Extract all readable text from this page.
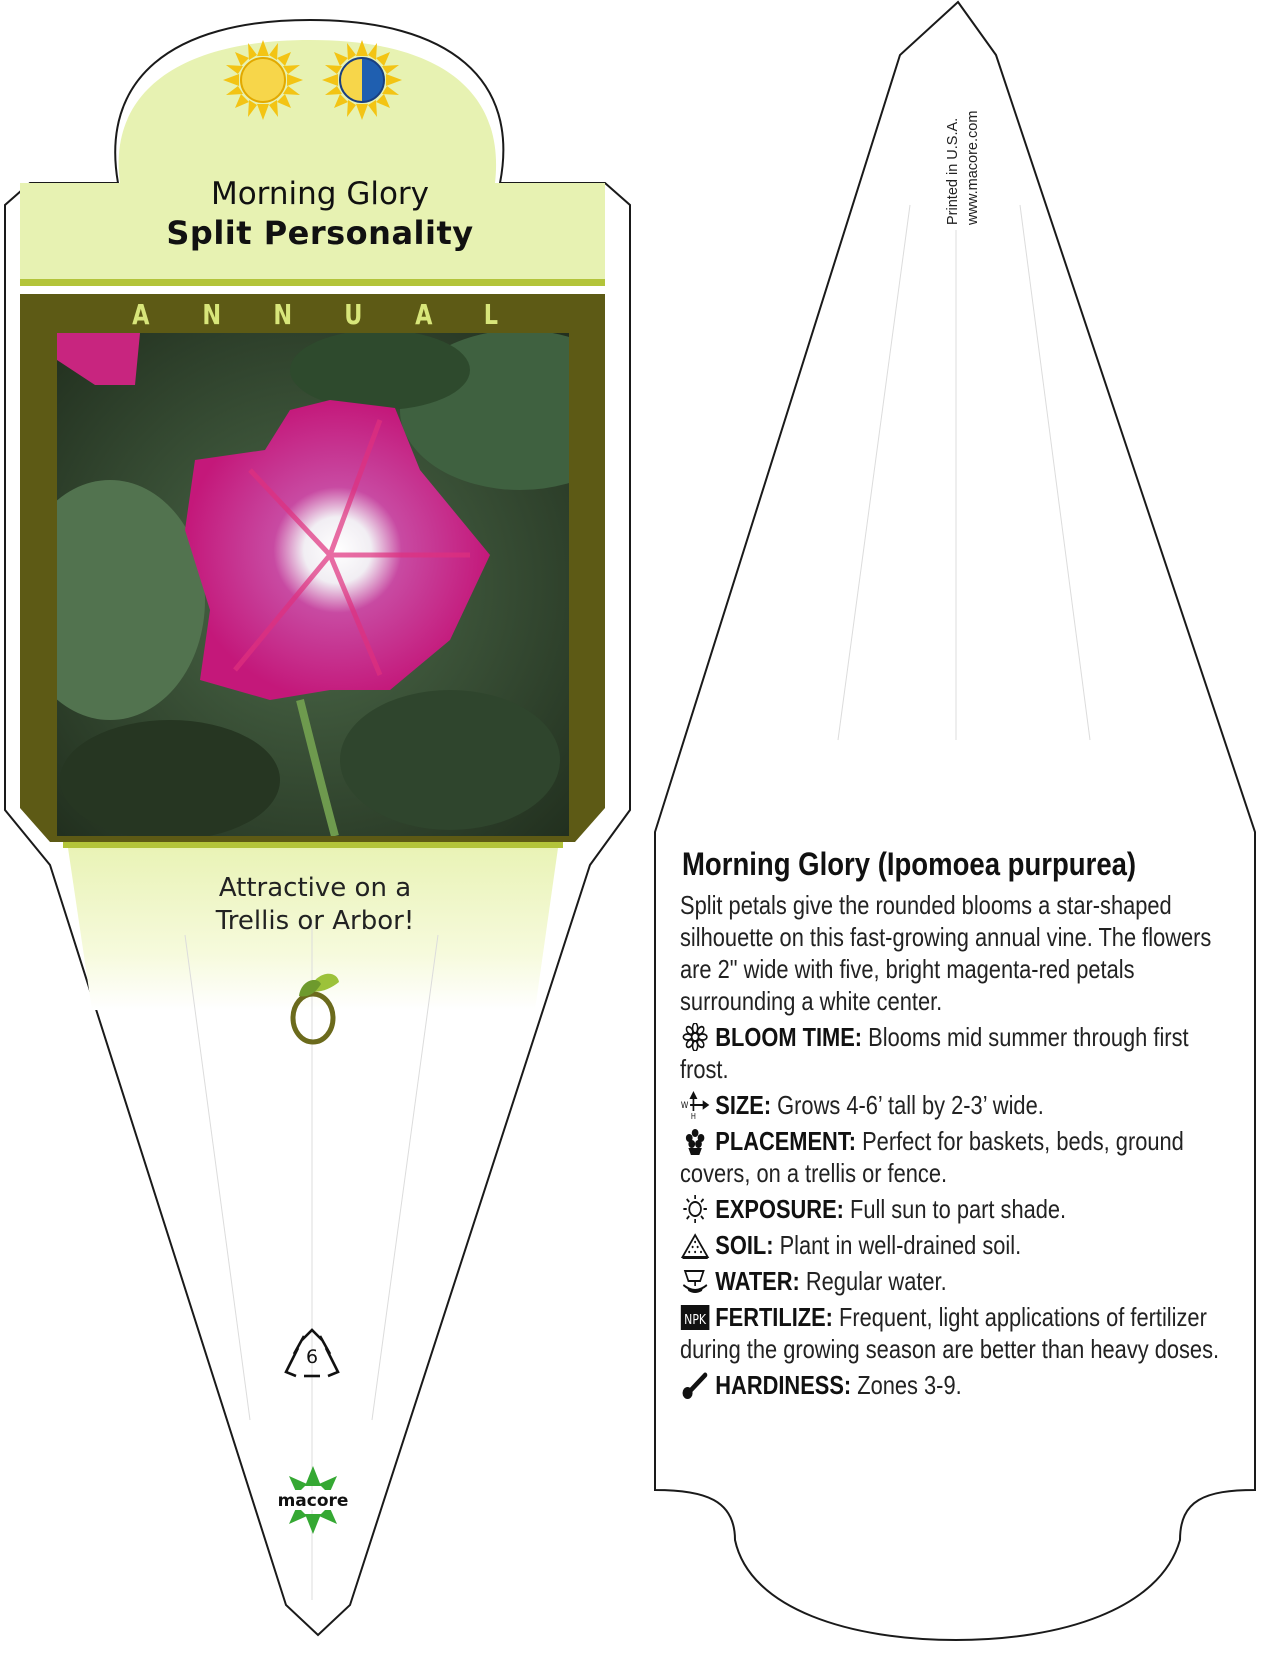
Morning Glory
Split Personality
A N N U A L
Attractive on a
Trellis or Arbor!
6
macore
Printed in U.S.A. www.macore.com
Morning Glory (Ipomoea purpurea)
Split petals give the rounded blooms a star-shaped silhouette on this fast-growing annual vine. The flowers are 2" wide with five, bright magenta-red petals surrounding a white center.
BLOOM TIME: Blooms mid summer through first frost.
W
H SIZE: Grows 4-6’ tall by 2-3’ wide.
PLACEMENT: Perfect for baskets, beds, ground covers, on a trellis or fence.
EXPOSURE: Full sun to part shade.
SOIL: Plant in well-drained soil.
WATER: Regular water.
NPK FERTILIZE: Frequent, light applications of fertilizer during the growing season are better than heavy doses.
HARDINESS: Zones 3-9.
